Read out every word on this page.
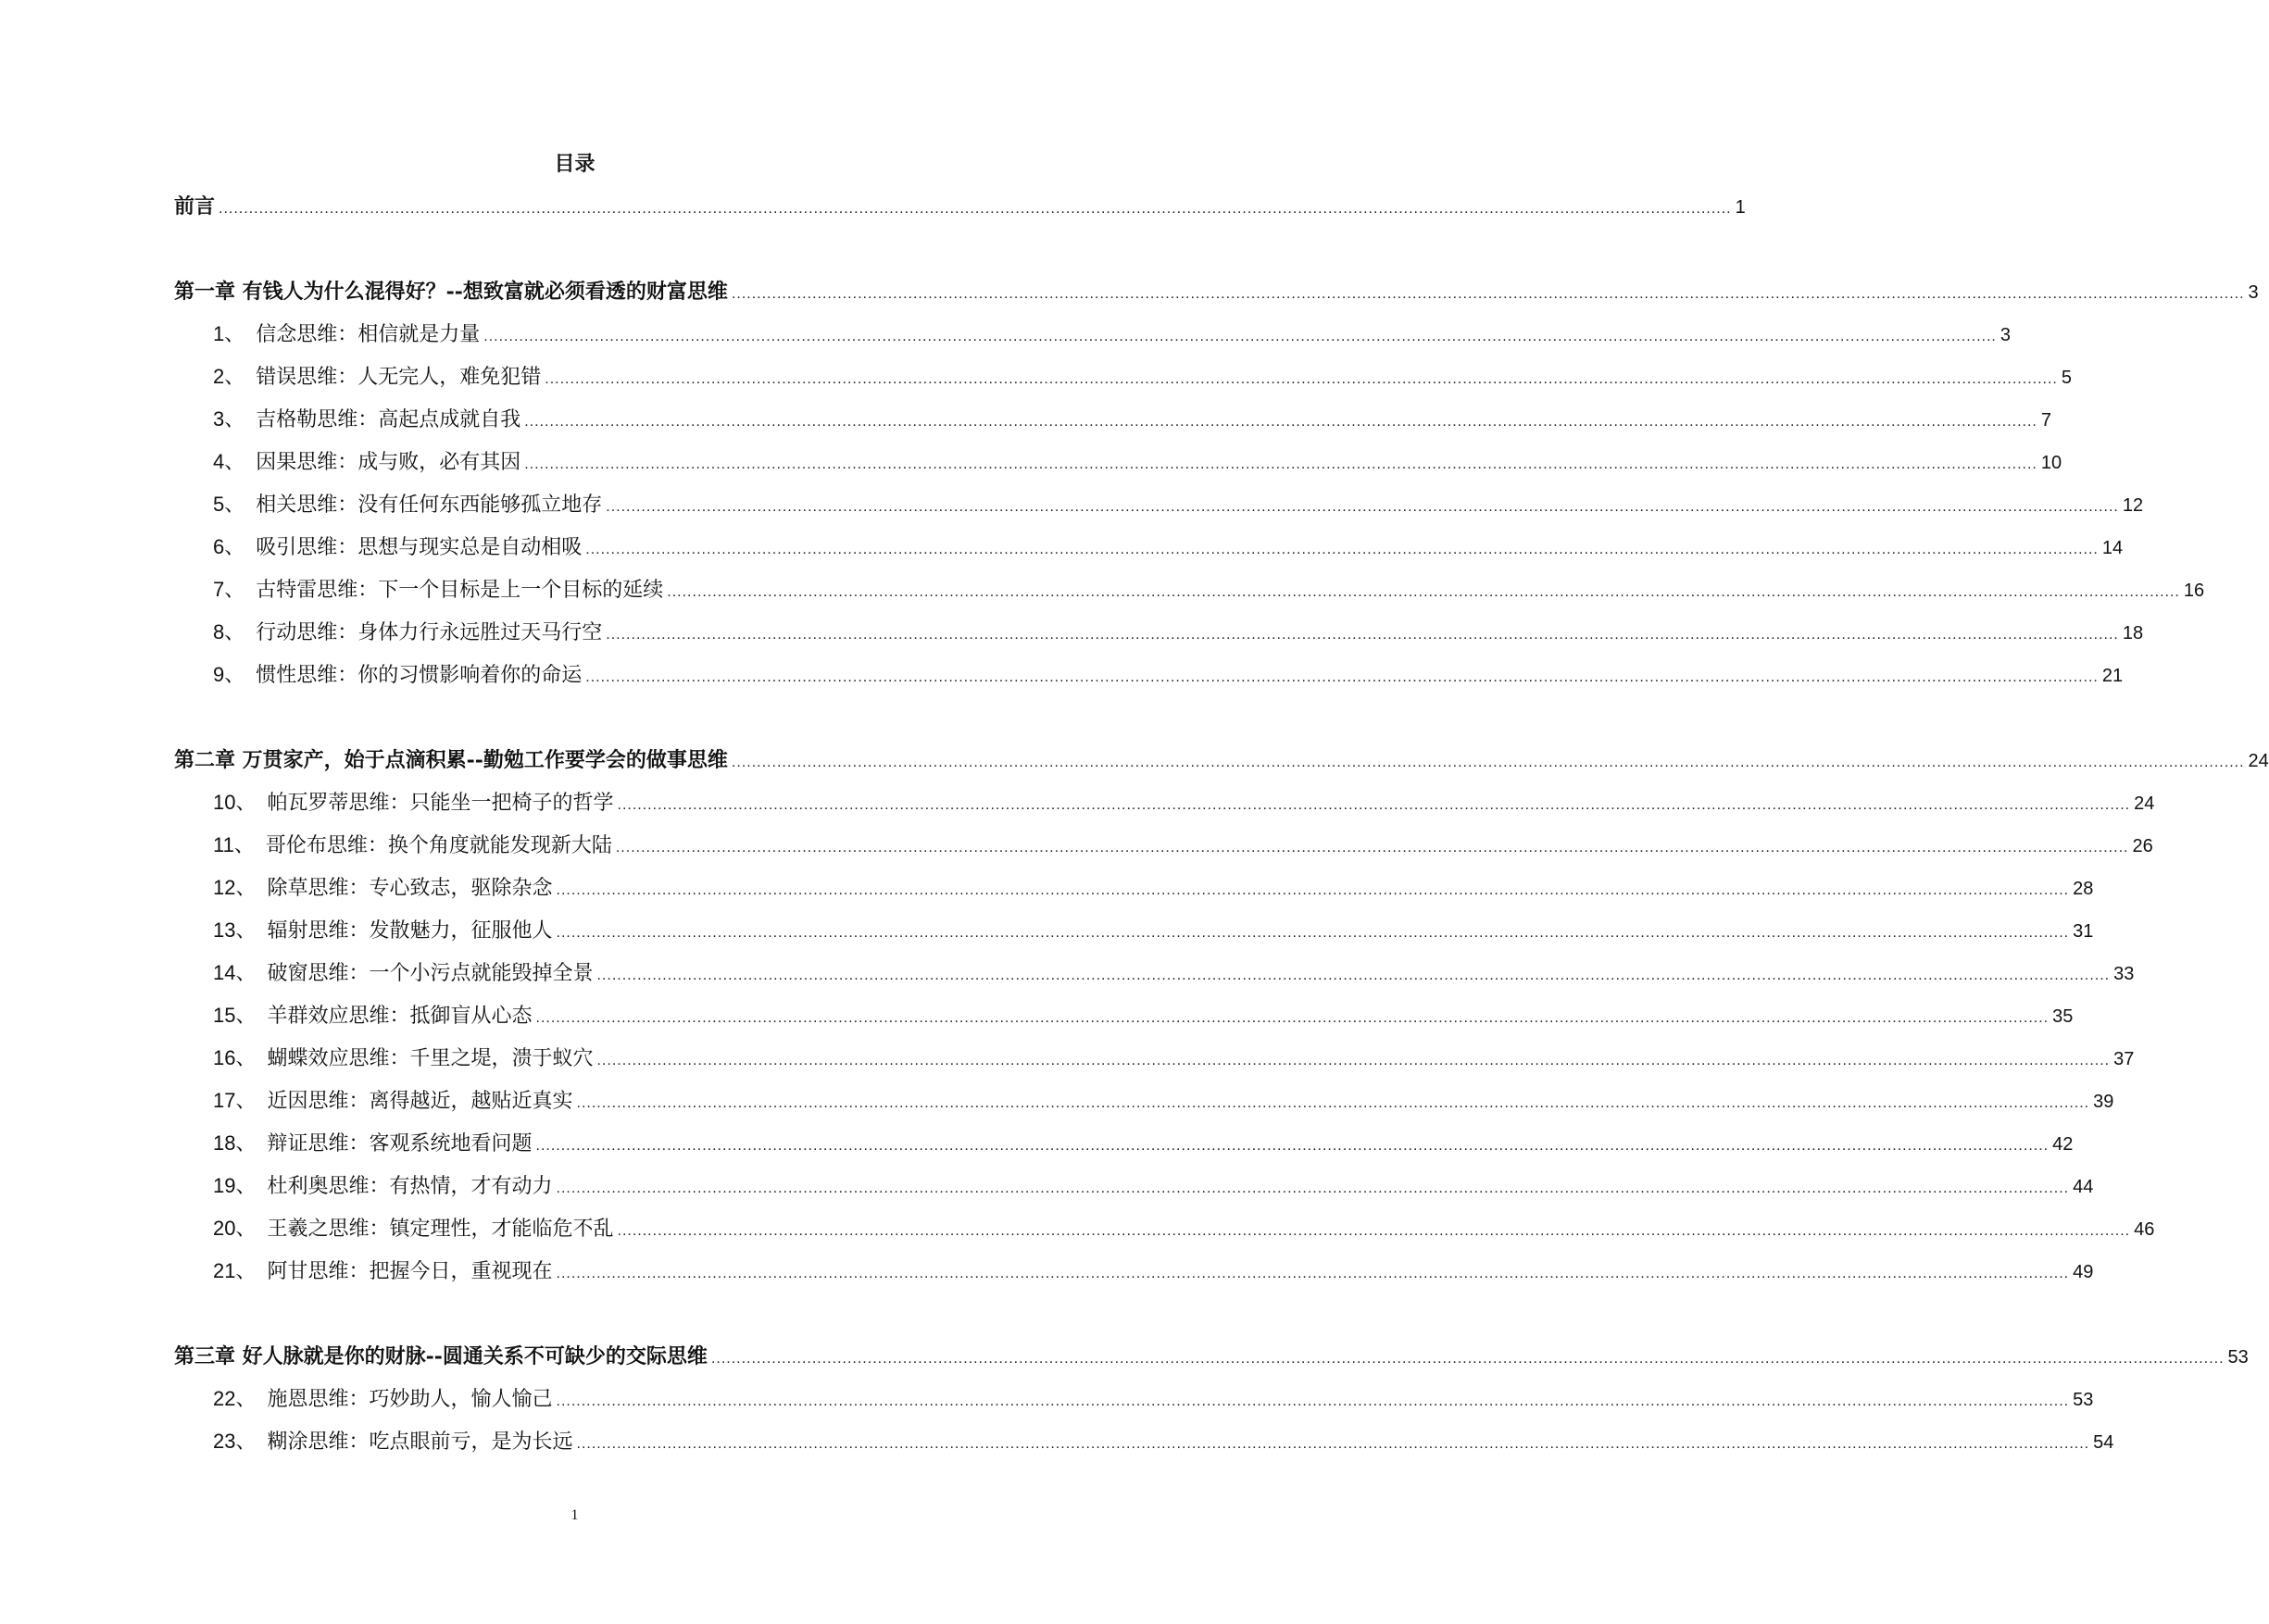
目录
前言 ............................................................................................................................................................................................................................................................................................................ 1
第一章 有钱人为什么混得好？--想致富就必须看透的财富思维 ............................................................................................................................................................................................................................................................................................................ 3
1、 信念思维：相信就是力量 ............................................................................................................................................................................................................................................................................................................ 3
2、 错误思维：人无完人，难免犯错 ............................................................................................................................................................................................................................................................................................................ 5
3、 吉格勒思维：高起点成就自我 ............................................................................................................................................................................................................................................................................................................ 7
4、 因果思维：成与败，必有其因 ............................................................................................................................................................................................................................................................................................................ 10
5、 相关思维：没有任何东西能够孤立地存 ............................................................................................................................................................................................................................................................................................................ 12
6、 吸引思维：思想与现实总是自动相吸 ............................................................................................................................................................................................................................................................................................................ 14
7、 古特雷思维：下一个目标是上一个目标的延续 ............................................................................................................................................................................................................................................................................................................ 16
8、 行动思维：身体力行永远胜过天马行空 ............................................................................................................................................................................................................................................................................................................ 18
9、 惯性思维：你的习惯影响着你的命运 ............................................................................................................................................................................................................................................................................................................ 21
第二章 万贯家产，始于点滴积累--勤勉工作要学会的做事思维 ............................................................................................................................................................................................................................................................................................................ 24
10、 帕瓦罗蒂思维：只能坐一把椅子的哲学 ............................................................................................................................................................................................................................................................................................................ 24
11、 哥伦布思维：换个角度就能发现新大陆 ............................................................................................................................................................................................................................................................................................................ 26
12、 除草思维：专心致志，驱除杂念 ............................................................................................................................................................................................................................................................................................................ 28
13、 辐射思维：发散魅力，征服他人 ............................................................................................................................................................................................................................................................................................................ 31
14、 破窗思维：一个小污点就能毁掉全景 ............................................................................................................................................................................................................................................................................................................ 33
15、 羊群效应思维：抵御盲从心态 ............................................................................................................................................................................................................................................................................................................ 35
16、 蝴蝶效应思维：千里之堤，溃于蚁穴 ............................................................................................................................................................................................................................................................................................................ 37
17、 近因思维：离得越近，越贴近真实 ............................................................................................................................................................................................................................................................................................................ 39
18、 辩证思维：客观系统地看问题 ............................................................................................................................................................................................................................................................................................................ 42
19、 杜利奥思维：有热情，才有动力 ............................................................................................................................................................................................................................................................................................................ 44
20、 王羲之思维：镇定理性，才能临危不乱 ............................................................................................................................................................................................................................................................................................................ 46
21、 阿甘思维：把握今日，重视现在 ............................................................................................................................................................................................................................................................................................................ 49
第三章 好人脉就是你的财脉--圆通关系不可缺少的交际思维 ............................................................................................................................................................................................................................................................................................................ 53
22、 施恩思维：巧妙助人，愉人愉己 ............................................................................................................................................................................................................................................................................................................ 53
23、 糊涂思维：吃点眼前亏，是为长远 ............................................................................................................................................................................................................................................................................................................ 54
1
